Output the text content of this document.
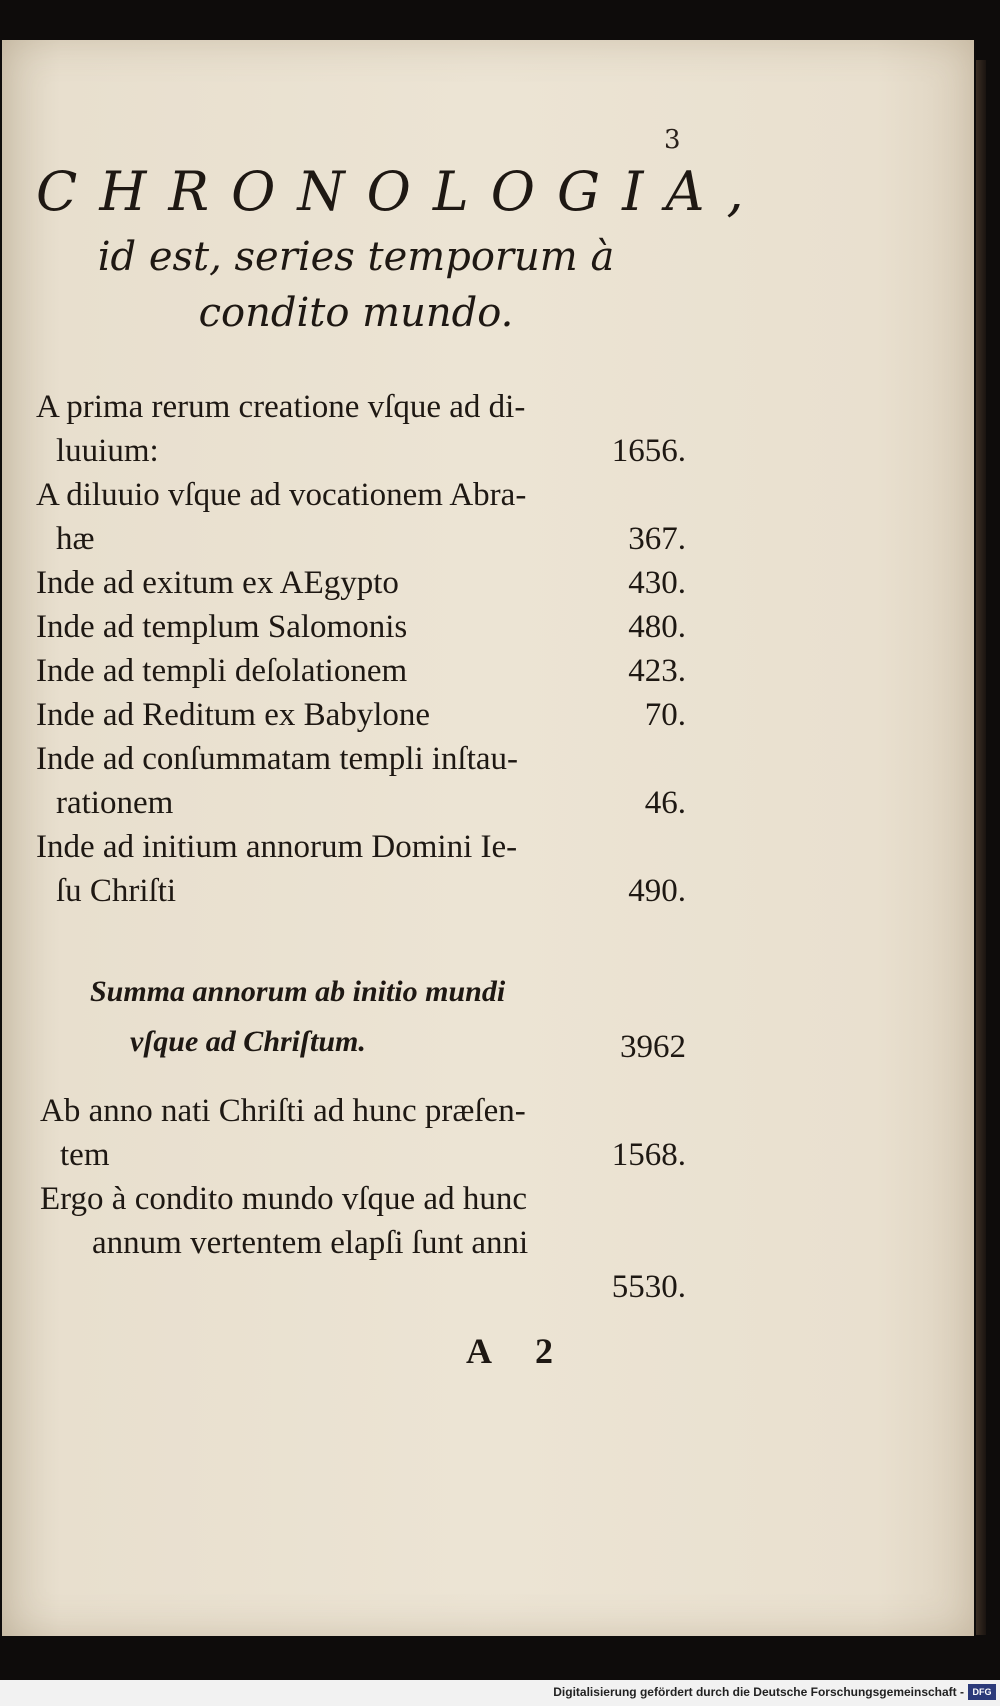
3
CHRONOLOGIA,
id est, series temporum à
condito mundo.
A prima rerum creatione vſque ad di-
luuium:	1656.
A diluuio vſque ad vocationem Abra-
hæ	367.
Inde ad exitum ex AEgypto	430.
Inde ad templum Salomonis	480.
Inde ad templi deſolationem	423.
Inde ad Reditum ex Babylone	70.
Inde ad conſummatam templi inſtau-
rationem	46.
Inde ad initium annorum Domini Ie-
ſu Chriſti	490.
Summa annorum ab initio mundi
vſque ad Chriſtum.	3962
Ab anno nati Chriſti ad hunc præſen-
tem	1568.
Ergo à condito mundo vſque ad hunc
annum vertentem elapſi ſunt anni
5530.
A 2
Digitalisierung gefördert durch die Deutsche Forschungsgemeinschaft - DFG
